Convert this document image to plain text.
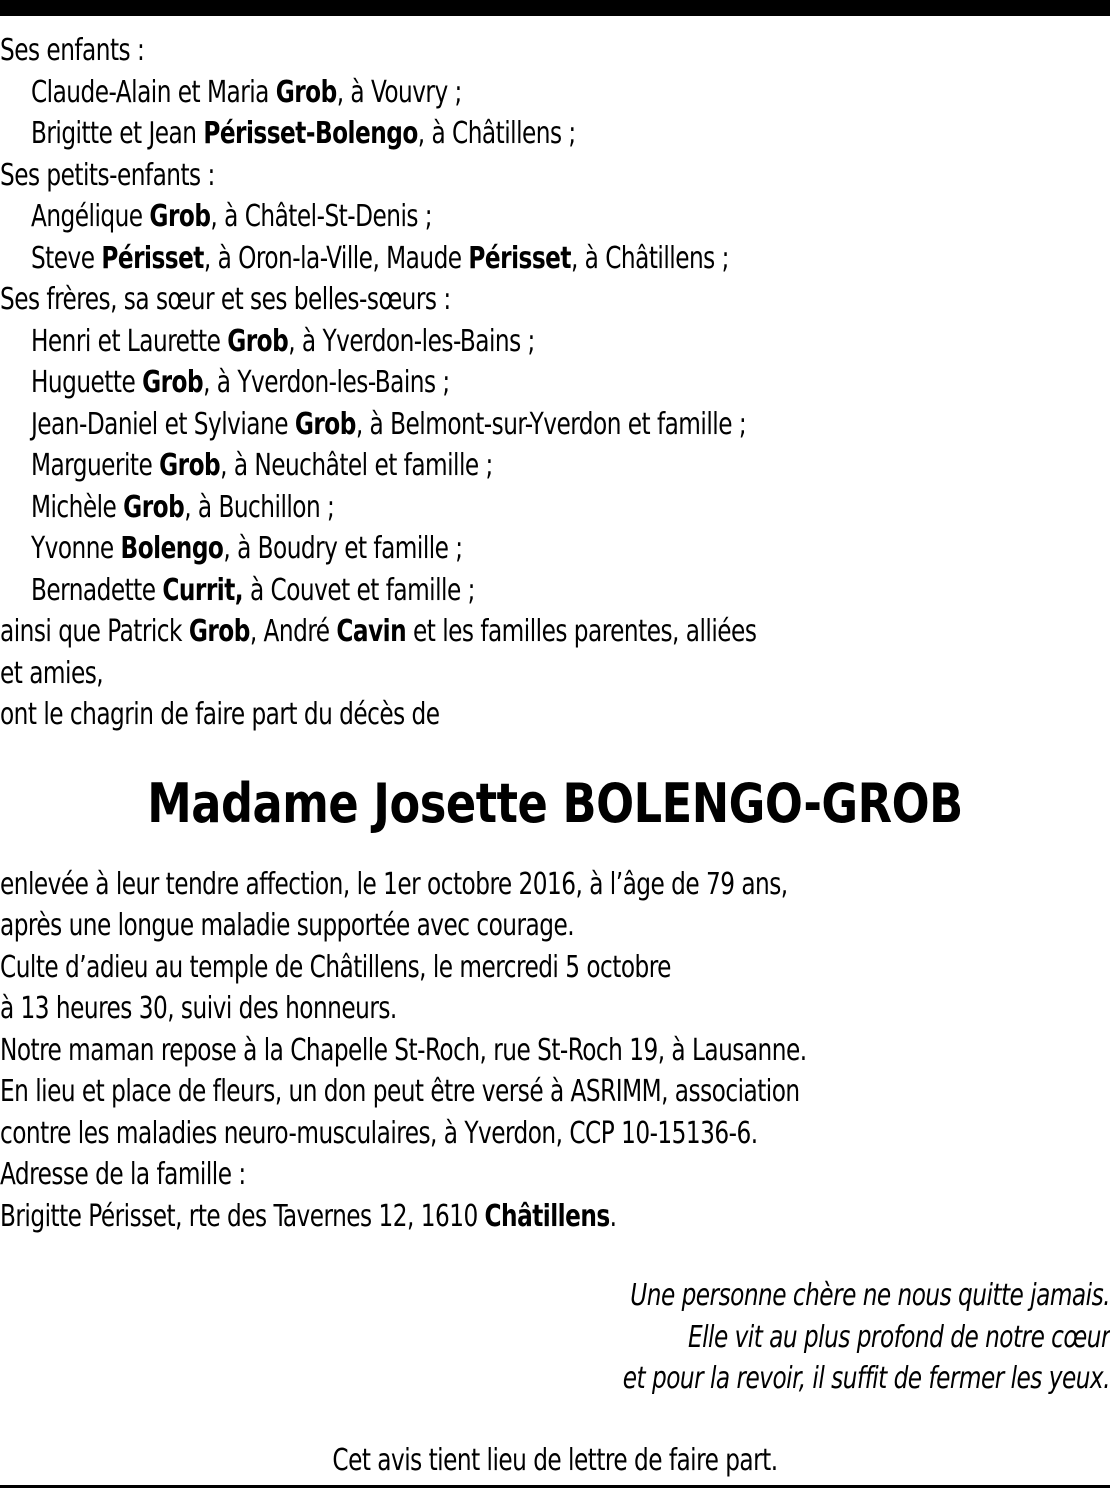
Ses enfants :
Claude-Alain et Maria Grob, à Vouvry ;
Brigitte et Jean Périsset-Bolengo, à Châtillens ;
Ses petits-enfants :
Angélique Grob, à Châtel-St-Denis ;
Steve Périsset, à Oron-la-Ville, Maude Périsset, à Châtillens ;
Ses frères, sa sœur et ses belles-sœurs :
Henri et Laurette Grob, à Yverdon-les-Bains ;
Huguette Grob, à Yverdon-les-Bains ;
Jean-Daniel et Sylviane Grob, à Belmont-sur-Yverdon et famille ;
Marguerite Grob, à Neuchâtel et famille ;
Michèle Grob, à Buchillon ;
Yvonne Bolengo, à Boudry et famille ;
Bernadette Currit, à Couvet et famille ;
ainsi que Patrick Grob, André Cavin et les familles parentes, alliées
et amies,
ont le chagrin de faire part du décès de
Madame Josette BOLENGO-GROB
enlevée à leur tendre affection, le 1er octobre 2016, à l’âge de 79 ans,
après une longue maladie supportée avec courage.
Culte d’adieu au temple de Châtillens, le mercredi 5 octobre
à 13 heures 30, suivi des honneurs.
Notre maman repose à la Chapelle St-Roch, rue St-Roch 19, à Lausanne.
En lieu et place de fleurs, un don peut être versé à ASRIMM, association
contre les maladies neuro-musculaires, à Yverdon, CCP 10-15136-6.
Adresse de la famille :
Brigitte Périsset, rte des Tavernes 12, 1610 Châtillens.
Une personne chère ne nous quitte jamais.
Elle vit au plus profond de notre cœur
et pour la revoir, il suffit de fermer les yeux.
Cet avis tient lieu de lettre de faire part.
